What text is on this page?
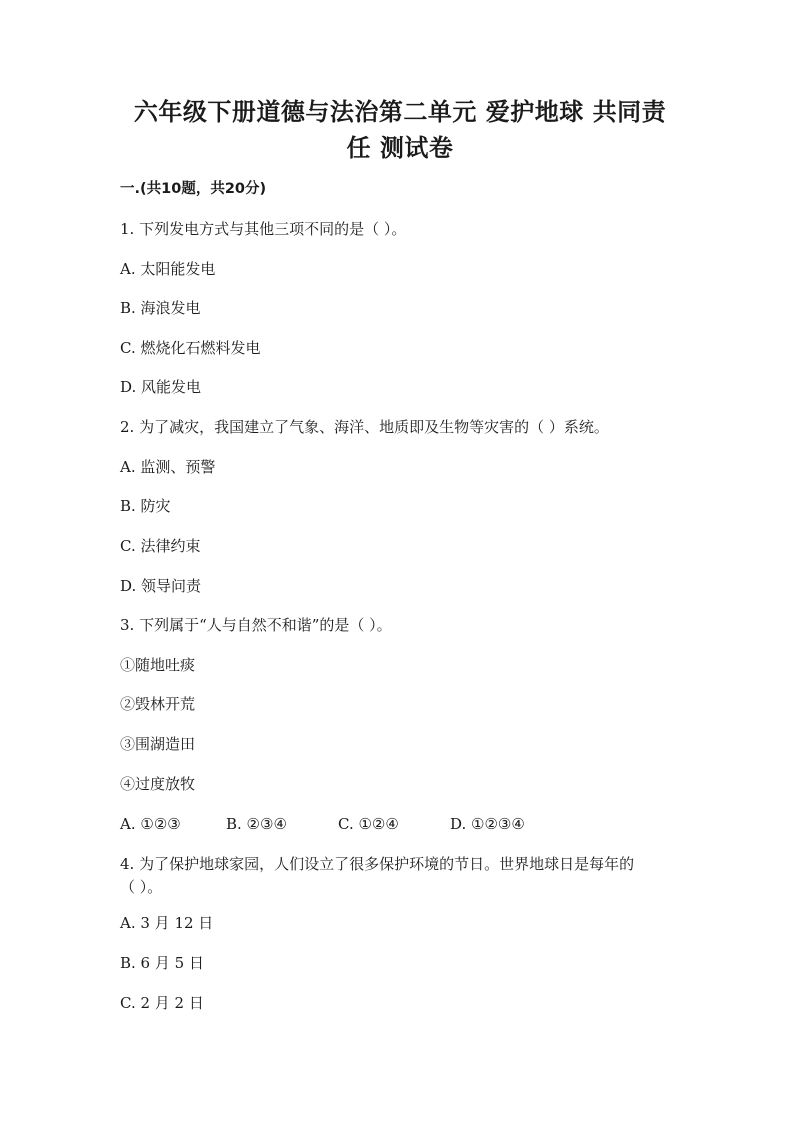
六年级下册道德与法治第二单元 爱护地球 共同责
任 测试卷
一.(共10题，共20分)
1. 下列发电方式与其他三项不同的是（ ）。
A. 太阳能发电
B. 海浪发电
C. 燃烧化石燃料发电
D. 风能发电
2. 为了减灾，我国建立了气象、海洋、地质即及生物等灾害的（ ）系统。
A. 监测、预警
B. 防灾
C. 法律约束
D. 领导问责
3. 下列属于“人与自然不和谐”的是（ ）。
①随地吐痰
②毁林开荒
③围湖造田
④过度放牧
A. ①②③	B. ②③④	C. ①②④	D. ①②③④
4. 为了保护地球家园，人们设立了很多保护环境的节日。世界地球日是每年的
（ ）。
A. 3 月 12 日
B. 6 月 5 日
C. 2 月 2 日
